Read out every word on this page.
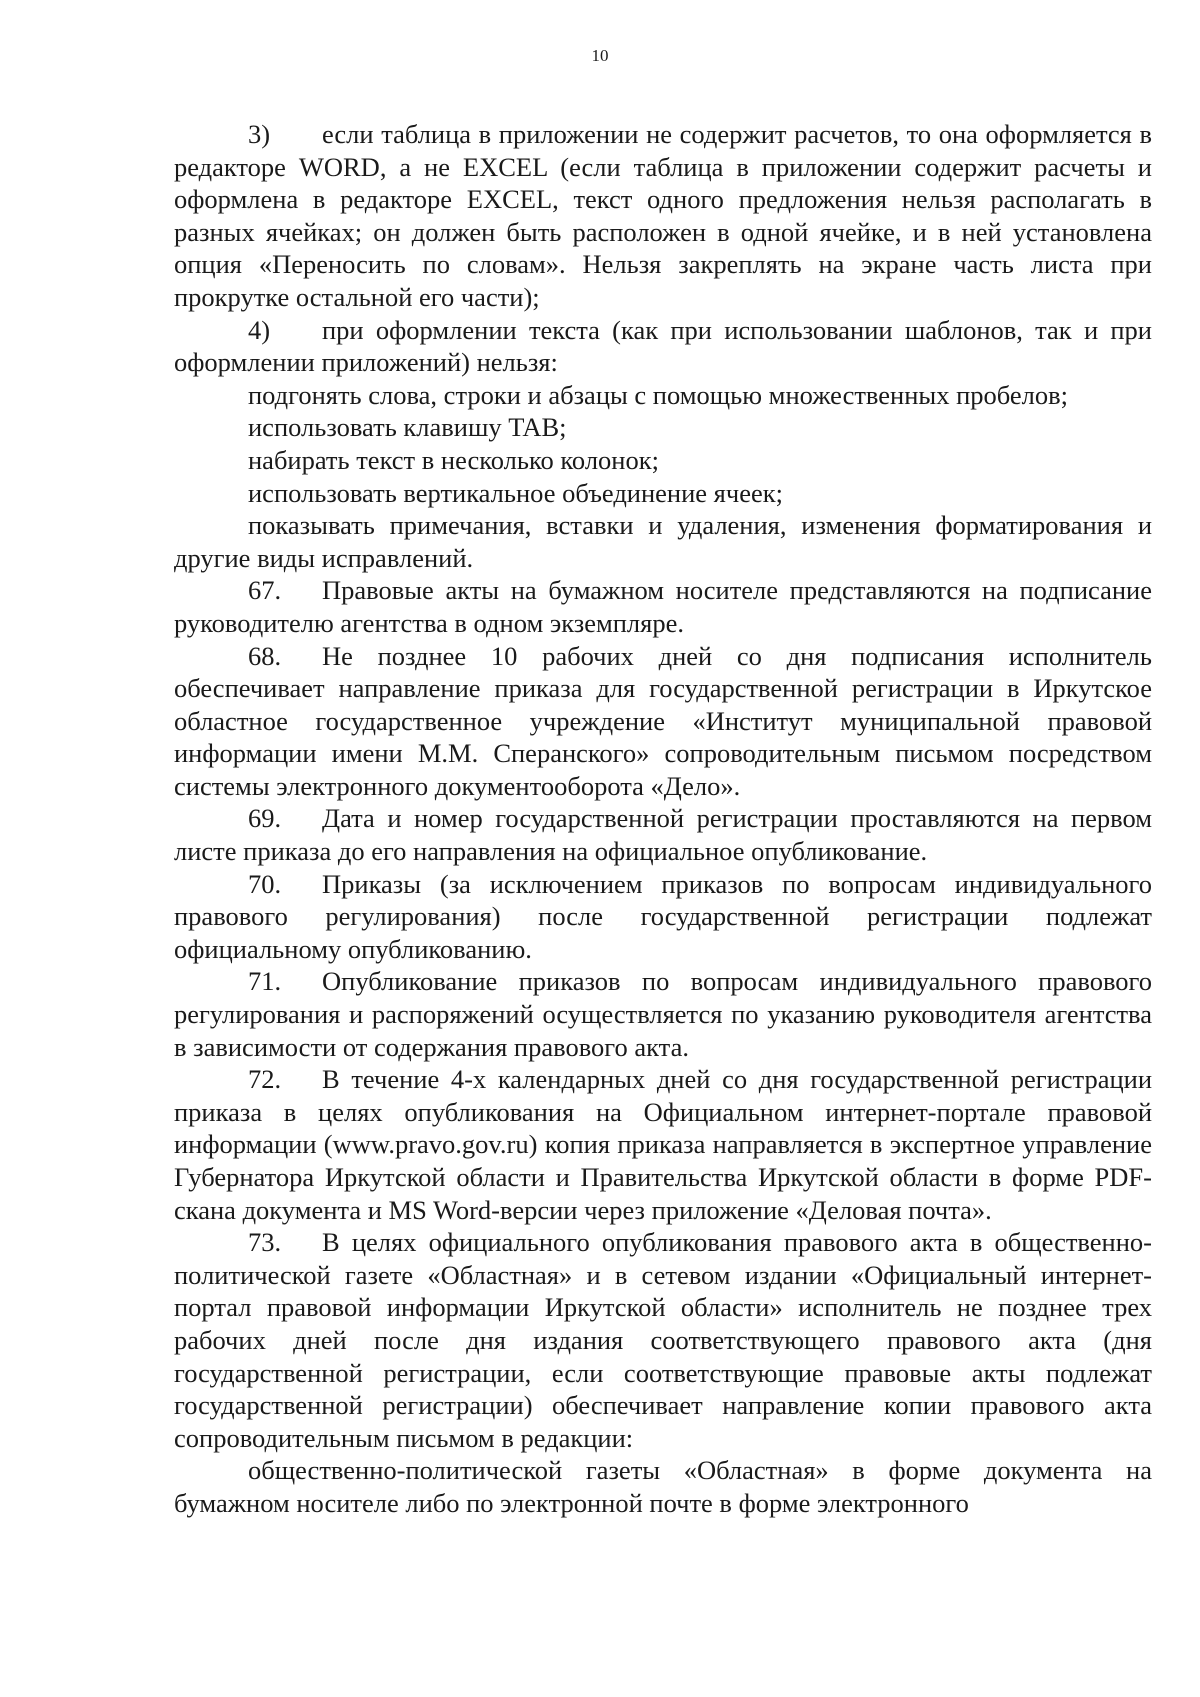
10

3) если таблица в приложении не содержит расчетов, то она оформляется в редакторе WORD, а не EXCEL (если таблица в приложении содержит расчеты и оформлена в редакторе EXCEL, текст одного предложения нельзя располагать в разных ячейках; он должен быть расположен в одной ячейке, и в ней установлена опция «Переносить по словам». Нельзя закреплять на экране часть листа при прокрутке остальной его части);

4) при оформлении текста (как при использовании шаблонов, так и при оформлении приложений) нельзя:

подгонять слова, строки и абзацы с помощью множественных пробелов;

использовать клавишу TAB;

набирать текст в несколько колонок;

использовать вертикальное объединение ячеек;

показывать примечания, вставки и удаления, изменения форматирования и другие виды исправлений.

67. Правовые акты на бумажном носителе представляются на подписание руководителю агентства в одном экземпляре.

68. Не позднее 10 рабочих дней со дня подписания исполнитель обеспечивает направление приказа для государственной регистрации в Иркутское областное государственное учреждение «Институт муниципальной правовой информации имени М.М. Сперанского» сопроводительным письмом посредством системы электронного документооборота «Дело».

69. Дата и номер государственной регистрации проставляются на первом листе приказа до его направления на официальное опубликование.

70. Приказы (за исключением приказов по вопросам индивидуального правового регулирования) после государственной регистрации подлежат официальному опубликованию.

71. Опубликование приказов по вопросам индивидуального правового регулирования и распоряжений осуществляется по указанию руководителя агентства в зависимости от содержания правового акта.

72. В течение 4-х календарных дней со дня государственной регистрации приказа в целях опубликования на Официальном интернет-портале правовой информации (www.pravo.gov.ru) копия приказа направляется в экспертное управление Губернатора Иркутской области и Правительства Иркутской области в форме PDF-скана документа и MS Word-версии через приложение «Деловая почта».

73. В целях официального опубликования правового акта в общественно-политической газете «Областная» и в сетевом издании «Официальный интернет-портал правовой информации Иркутской области» исполнитель не позднее трех рабочих дней после дня издания соответствующего правового акта (дня государственной регистрации, если соответствующие правовые акты подлежат государственной регистрации) обеспечивает направление копии правового акта сопроводительным письмом в редакции:

общественно-политической газеты «Областная» в форме документа на бумажном носителе либо по электронной почте в форме электронного
